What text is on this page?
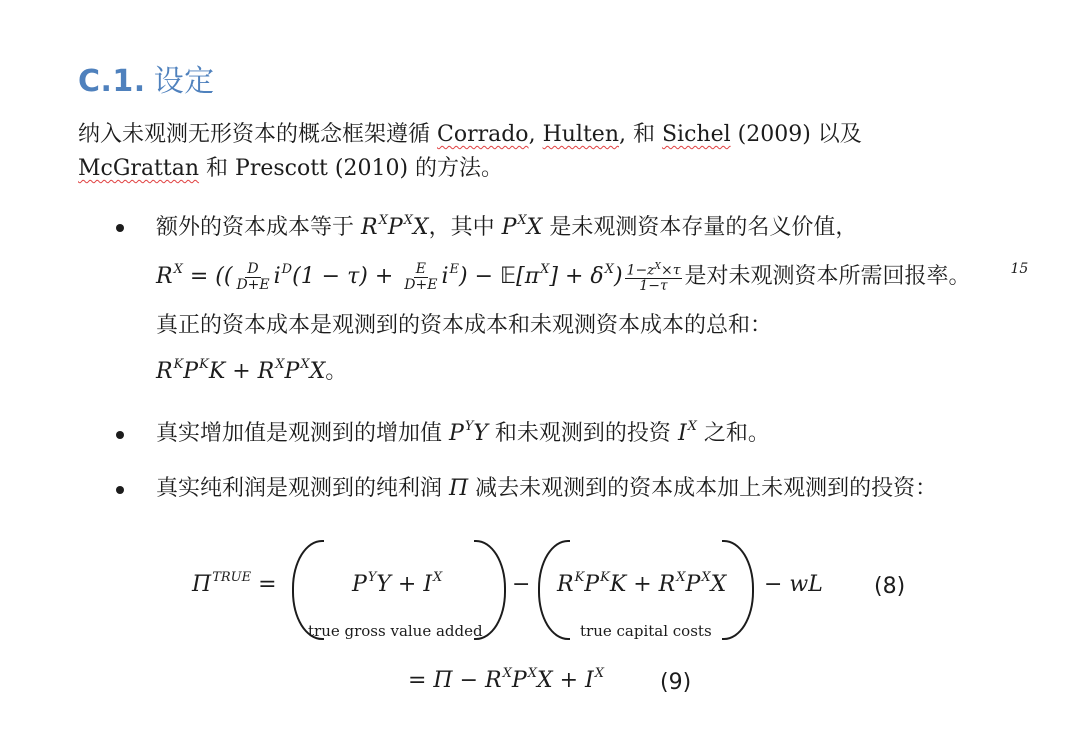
C.1. 设定
纳入未观测无形资本的概念框架遵循 Corrado, Hulten, 和 Sichel (2009) 以及
McGrattan 和 Prescott (2010) 的方法。
额外的资本成本等于 $R^XP^XX$，其中 $P^XX$ 是未观测资本存量的名义价值，
$R^X$ = (( $\frac{D}{D+E} i^D(1 - \tau) + \frac{E}{D+E} i^E$) − $𝔼[\pi^X] + \delta^X) \frac{1-z^X\times\tau}{1-\tau}$ 是对未观测资本所需回报率。	$^{15}$真正的资本成本是观测到的资本成本和未观测资本成本的总和：
$R^KP^KK + R^XP^XX$。
真实增加值是观测到的增加值 $P^YY$ 和未观测到的投资 $I^X$ 之和。
真实纯利润是观测到的纯利润 Π 减去未观测到的资本成本加上未观测到的投资：
$\Pi^{TRUE}$ =	$P^YY + I^X$
true gross value added
− $R^KP^KK + R^XP^XX$
true capital costs
− wL (8)
= $\Pi - R^XP^XX + I^X$	(9)
